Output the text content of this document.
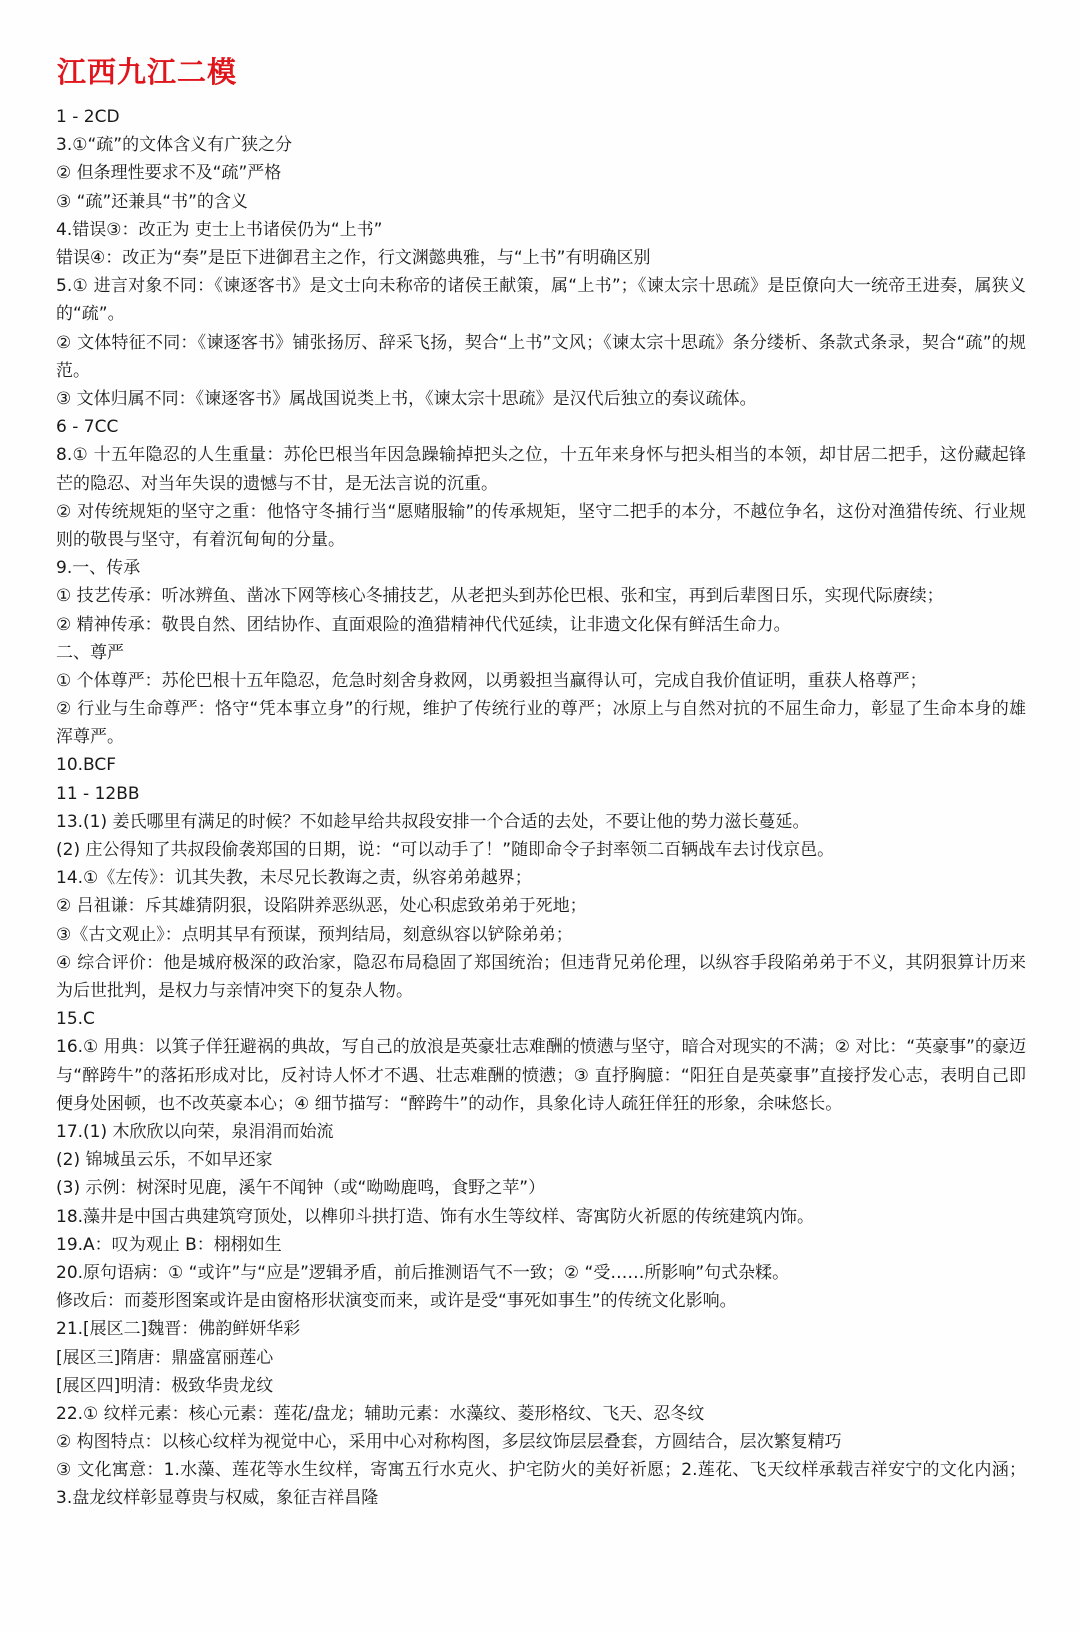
江西九江二模
1 - 2CD
3.①“疏”的文体含义有广狭之分
② 但条理性要求不及“疏”严格
③ “疏”还兼具“书”的含义
4.错误③：改正为 吏士上书诸侯仍为“上书”
错误④：改正为“奏”是臣下进御君主之作，行文渊懿典雅，与“上书”有明确区别
5.① 进言对象不同：《谏逐客书》是文士向未称帝的诸侯王献策，属“上书”；《谏太宗十思疏》是臣僚向大一统帝王进奏，属狭义的“疏”。
② 文体特征不同：《谏逐客书》铺张扬厉、辞采飞扬，契合“上书”文风；《谏太宗十思疏》条分缕析、条款式条录，契合“疏”的规范。
③ 文体归属不同：《谏逐客书》属战国说类上书，《谏太宗十思疏》是汉代后独立的奏议疏体。
6 - 7CC
8.① 十五年隐忍的人生重量：苏伦巴根当年因急躁输掉把头之位，十五年来身怀与把头相当的本领，却甘居二把手，这份藏起锋芒的隐忍、对当年失误的遗憾与不甘，是无法言说的沉重。
② 对传统规矩的坚守之重：他恪守冬捕行当“愿赌服输”的传承规矩，坚守二把手的本分，不越位争名，这份对渔猎传统、行业规则的敬畏与坚守，有着沉甸甸的分量。
9.一、传承
① 技艺传承：听冰辨鱼、凿冰下网等核心冬捕技艺，从老把头到苏伦巴根、张和宝，再到后辈图日乐，实现代际赓续；
② 精神传承：敬畏自然、团结协作、直面艰险的渔猎精神代代延续，让非遗文化保有鲜活生命力。
二、尊严
① 个体尊严：苏伦巴根十五年隐忍，危急时刻舍身救网，以勇毅担当赢得认可，完成自我价值证明，重获人格尊严；
② 行业与生命尊严：恪守“凭本事立身”的行规，维护了传统行业的尊严；冰原上与自然对抗的不屈生命力，彰显了生命本身的雄浑尊严。
10.BCF
11 - 12BB
13.(1) 姜氏哪里有满足的时候？不如趁早给共叔段安排一个合适的去处，不要让他的势力滋长蔓延。
(2) 庄公得知了共叔段偷袭郑国的日期，说：“可以动手了！”随即命令子封率领二百辆战车去讨伐京邑。
14.①《左传》：讥其失教，未尽兄长教诲之责，纵容弟弟越界；
② 吕祖谦：斥其雄猜阴狠，设陷阱养恶纵恶，处心积虑致弟弟于死地；
③《古文观止》：点明其早有预谋，预判结局，刻意纵容以铲除弟弟；
④ 综合评价：他是城府极深的政治家，隐忍布局稳固了郑国统治；但违背兄弟伦理，以纵容手段陷弟弟于不义，其阴狠算计历来为后世批判，是权力与亲情冲突下的复杂人物。
15.C
16.① 用典：以箕子佯狂避祸的典故，写自己的放浪是英豪壮志难酬的愤懑与坚守，暗合对现实的不满；② 对比：“英豪事”的豪迈与“醉跨牛”的落拓形成对比，反衬诗人怀才不遇、壮志难酬的愤懑；③ 直抒胸臆：“阳狂自是英豪事”直接抒发心志，表明自己即便身处困顿，也不改英豪本心；④ 细节描写：“醉跨牛”的动作，具象化诗人疏狂佯狂的形象，余味悠长。
17.(1) 木欣欣以向荣，泉涓涓而始流
(2) 锦城虽云乐，不如早还家
(3) 示例：树深时见鹿，溪午不闻钟（或“呦呦鹿鸣，食野之苹”）
18.藻井是中国古典建筑穹顶处，以榫卯斗拱打造、饰有水生等纹样、寄寓防火祈愿的传统建筑内饰。
19.A：叹为观止 B：栩栩如生
20.原句语病：① “或许”与“应是”逻辑矛盾，前后推测语气不一致；② “受……所影响”句式杂糅。
修改后：而菱形图案或许是由窗格形状演变而来，或许是受“事死如事生”的传统文化影响。
21.[展区二]魏晋：佛韵鲜妍华彩
[展区三]隋唐：鼎盛富丽莲心
[展区四]明清：极致华贵龙纹
22.① 纹样元素：核心元素：莲花/盘龙；辅助元素：水藻纹、菱形格纹、飞天、忍冬纹
② 构图特点：以核心纹样为视觉中心，采用中心对称构图，多层纹饰层层叠套，方圆结合，层次繁复精巧
③ 文化寓意：1.水藻、莲花等水生纹样，寄寓五行水克火、护宅防火的美好祈愿；2.莲花、飞天纹样承载吉祥安宁的文化内涵；3.盘龙纹样彰显尊贵与权威，象征吉祥昌隆
